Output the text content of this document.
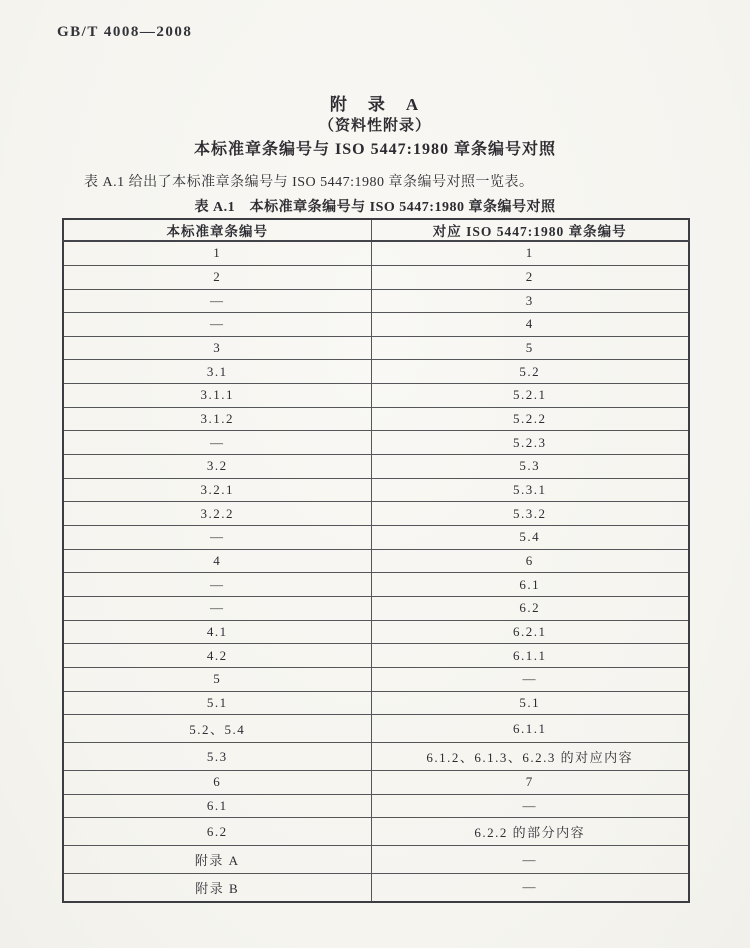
GB/T 4008—2008
附　录　A
（资料性附录）
本标准章条编号与 ISO 5447:1980 章条编号对照
表 A.1 给出了本标准章条编号与 ISO 5447:1980 章条编号对照一览表。
表 A.1　本标准章条编号与 ISO 5447:1980 章条编号对照
本标准章条编号	对应 ISO 5447:1980 章条编号
1	1
2	2
—	3
—	4
3	5
3.1	5.2
3.1.1	5.2.1
3.1.2	5.2.2
—	5.2.3
3.2	5.3
3.2.1	5.3.1
3.2.2	5.3.2
—	5.4
4	6
—	6.1
—	6.2
4.1	6.2.1
4.2	6.1.1
5	—
5.1	5.1
5.2、5.4	6.1.1
5.3	6.1.2、6.1.3、6.2.3 的对应内容
6	7
6.1	—
6.2	6.2.2 的部分内容
附录 A	—
附录 B	—
